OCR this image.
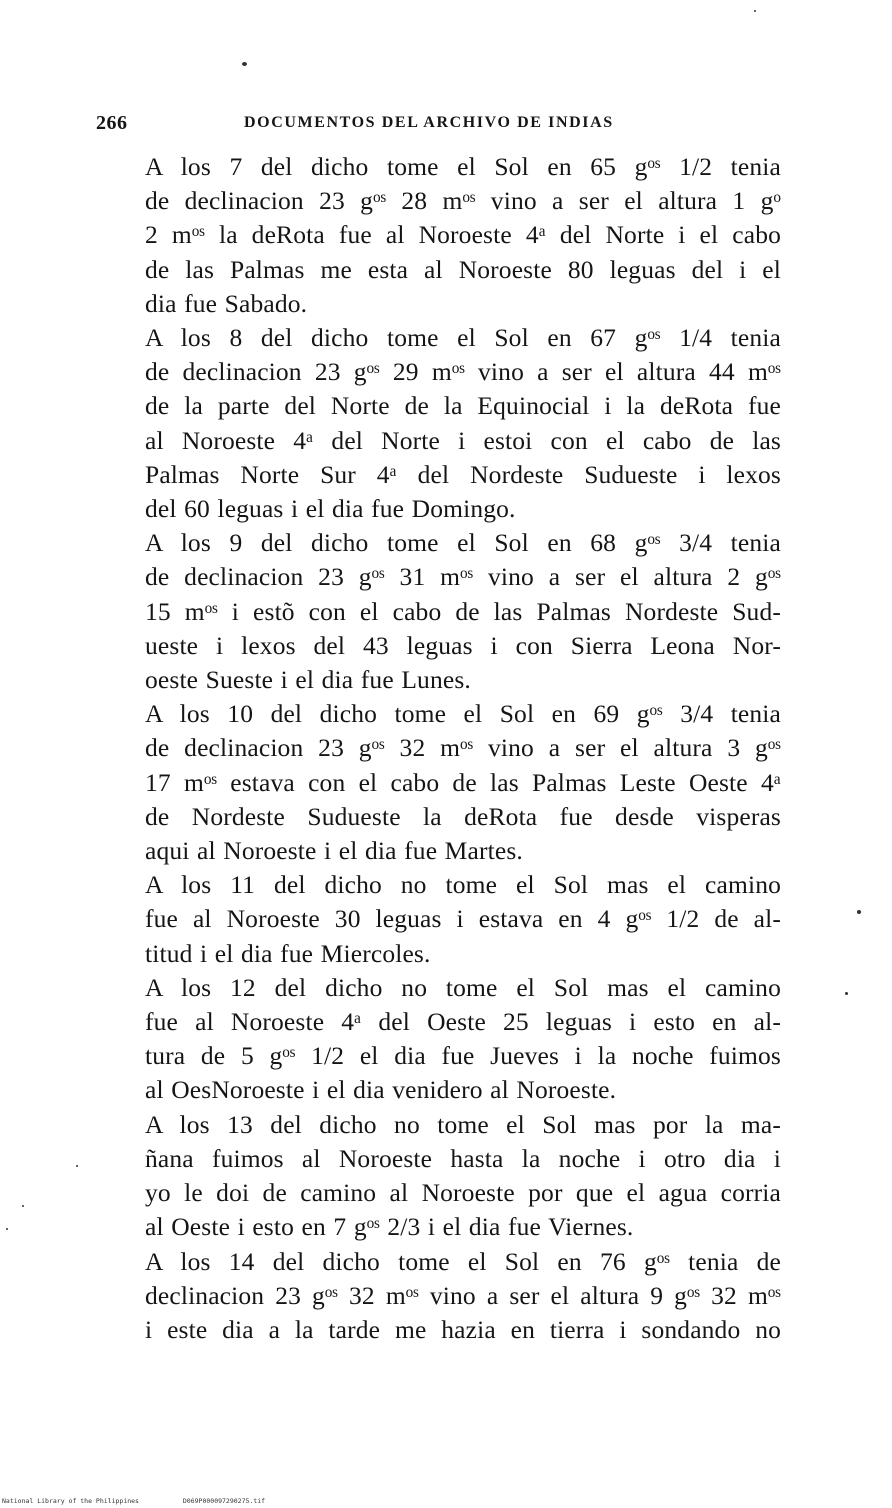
266	DOCUMENTOS DEL ARCHIVO DE INDIAS

A los 7 del dicho tome el Sol en 65 gᵒˢ 1/2 tenia
de declinacion 23 gᵒˢ 28 mᵒˢ vino a ser el altura 1 gᵒ
2 mᵒˢ la deRota fue al Noroeste 4ᵃ del Norte i el cabo
de las Palmas me esta al Noroeste 80 leguas del i el
dia fue Sabado.

A los 8 del dicho tome el Sol en 67 gᵒˢ 1/4 tenia
de declinacion 23 gᵒˢ 29 mᵒˢ vino a ser el altura 44 mᵒˢ
de la parte del Norte de la Equinocial i la deRota fue
al Noroeste 4ᵃ del Norte i estoi con el cabo de las
Palmas Norte Sur 4ᵃ del Nordeste Sudueste i lexos
del 60 leguas i el dia fue Domingo.

A los 9 del dicho tome el Sol en 68 gᵒˢ 3/4 tenia
de declinacion 23 gᵒˢ 31 mᵒˢ vino a ser el altura 2 gᵒˢ
15 mᵒˢ i estõ con el cabo de las Palmas Nordeste Sud-
ueste i lexos del 43 leguas i con Sierra Leona Nor-
oeste Sueste i el dia fue Lunes.

A los 10 del dicho tome el Sol en 69 gᵒˢ 3/4 tenia
de declinacion 23 gᵒˢ 32 mᵒˢ vino a ser el altura 3 gᵒˢ
17 mᵒˢ estava con el cabo de las Palmas Leste Oeste 4ᵃ
de Nordeste Sudueste la deRota fue desde visperas
aqui al Noroeste i el dia fue Martes.

A los 11 del dicho no tome el Sol mas el camino
fue al Noroeste 30 leguas i estava en 4 gᵒˢ 1/2 de al-
titud i el dia fue Miercoles.

A los 12 del dicho no tome el Sol mas el camino
fue al Noroeste 4ᵃ del Oeste 25 leguas i esto en al-
tura de 5 gᵒˢ 1/2 el dia fue Jueves i la noche fuimos
al OesNoroeste i el dia venidero al Noroeste.

A los 13 del dicho no tome el Sol mas por la ma-
ñana fuimos al Noroeste hasta la noche i otro dia i
yo le doi de camino al Noroeste por que el agua corria
al Oeste i esto en 7 gᵒˢ 2/3 i el dia fue Viernes.

A los 14 del dicho tome el Sol en 76 gᵒˢ tenia de
declinacion 23 gᵒˢ 32 mᵒˢ vino a ser el altura 9 gᵒˢ 32 mᵒˢ
i este dia a la tarde me hazia en tierra i sondando no

National Library of the Philippines	D069P000097290275.tif
